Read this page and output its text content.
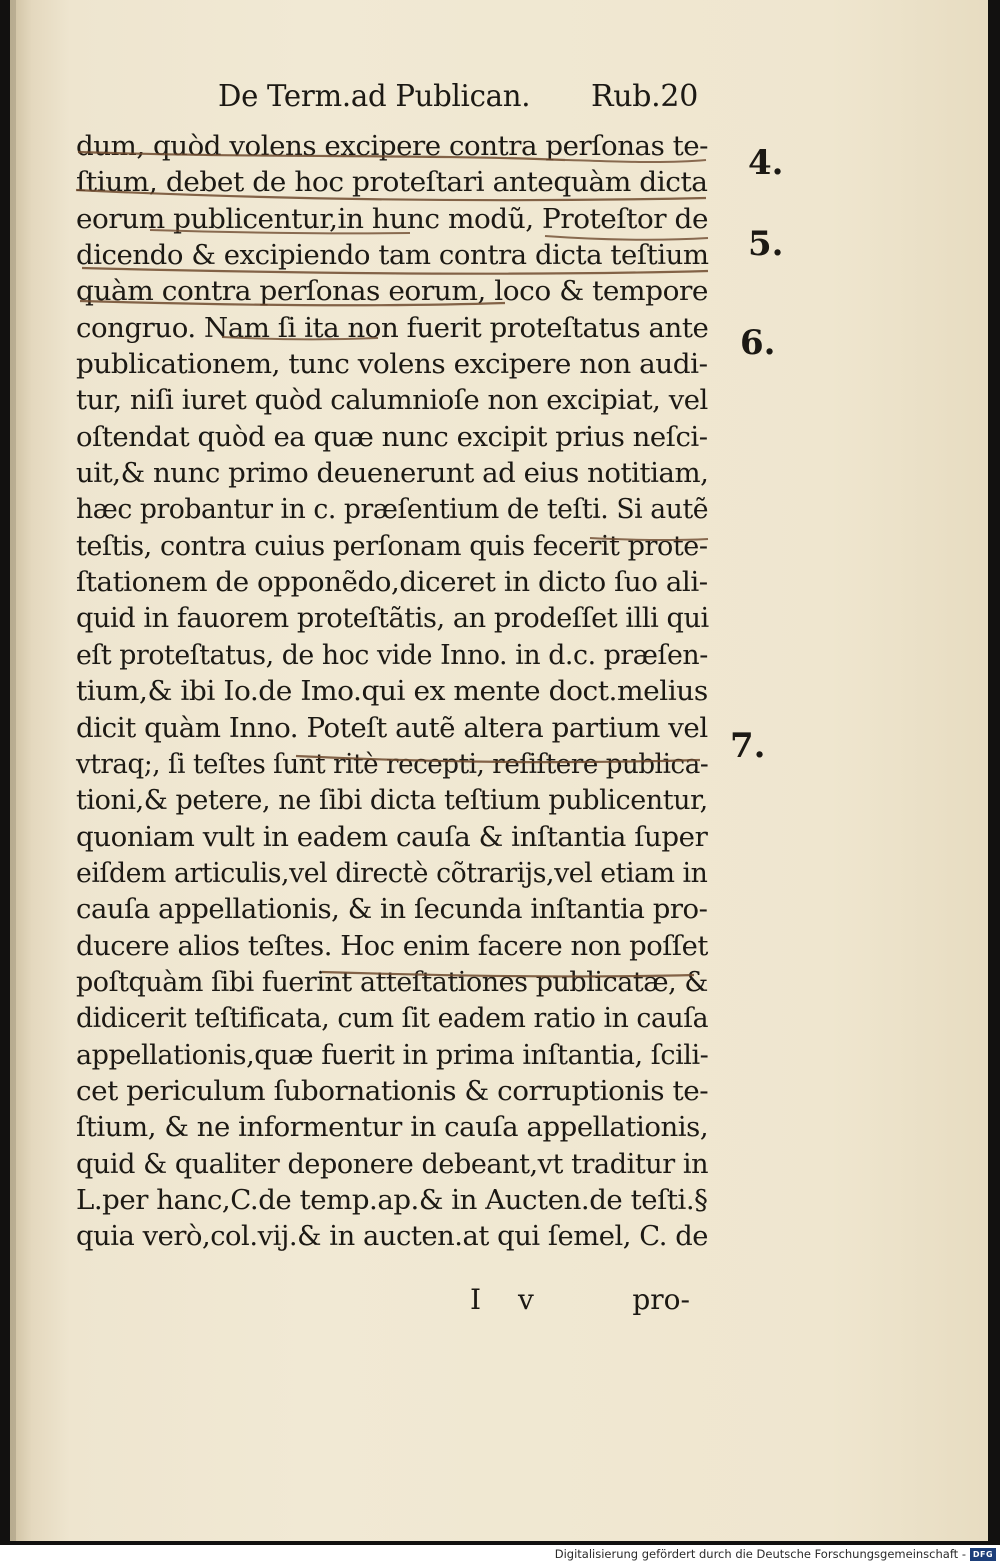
De Term.ad Publican. Rub.20
dum, quòd volens excipere contra perſonas te-
ſtium, debet de hoc proteſtari antequàm dicta
eorum publicentur,in hunc modũ, Proteſtor de
dicendo & excipiendo tam contra dicta teſtium
quàm contra perſonas eorum, loco & tempore
congruo. Nam ſi ita non fuerit proteſtatus ante
publicationem, tunc volens excipere non audi-
tur, niſi iuret quòd calumnioſe non excipiat, vel
oſtendat quòd ea quæ nunc excipit prius neſci-
uit,& nunc primo deuenerunt ad eius notitiam,
hæc probantur in c. præſentium de teſti. Si autẽ
teſtis, contra cuius perſonam quis fecerit prote-
ſtationem de opponẽdo,diceret in dicto ſuo ali-
quid in fauorem proteſtãtis, an prodeſſet illi qui
eſt proteſtatus, de hoc vide Inno. in d.c. præſen-
tium,& ibi Io.de Imo.qui ex mente doct.melius
dicit quàm Inno. Poteſt autẽ altera partium vel
vtraq;, ſi teſtes ſunt ritè recepti, reſiſtere publica-
tioni,& petere, ne ſibi dicta teſtium publicentur,
quoniam vult in eadem cauſa & inſtantia ſuper
eiſdem articulis,vel directè cõtrarijs,vel etiam in
cauſa appellationis, & in ſecunda inſtantia pro-
ducere alios teſtes. Hoc enim facere non poſſet
poſtquàm ſibi fuerint atteſtationes publicatæ, &
didicerit teſtificata, cum ſit eadem ratio in cauſa
appellationis,quæ fuerit in prima inſtantia, ſcili-
cet periculum ſubornationis & corruptionis te-
ſtium, & ne informentur in cauſa appellationis,
quid & qualiter deponere debeant,vt traditur in
L.per hanc,C.de temp.ap.& in Aucten.de teſti.§
quia verò,col.vij.& in aucten.at qui ſemel, C. de
4.
5.
6.
7.
I v	pro-
Digitalisierung gefördert durch die Deutsche Forschungsgemeinschaft - DFG
